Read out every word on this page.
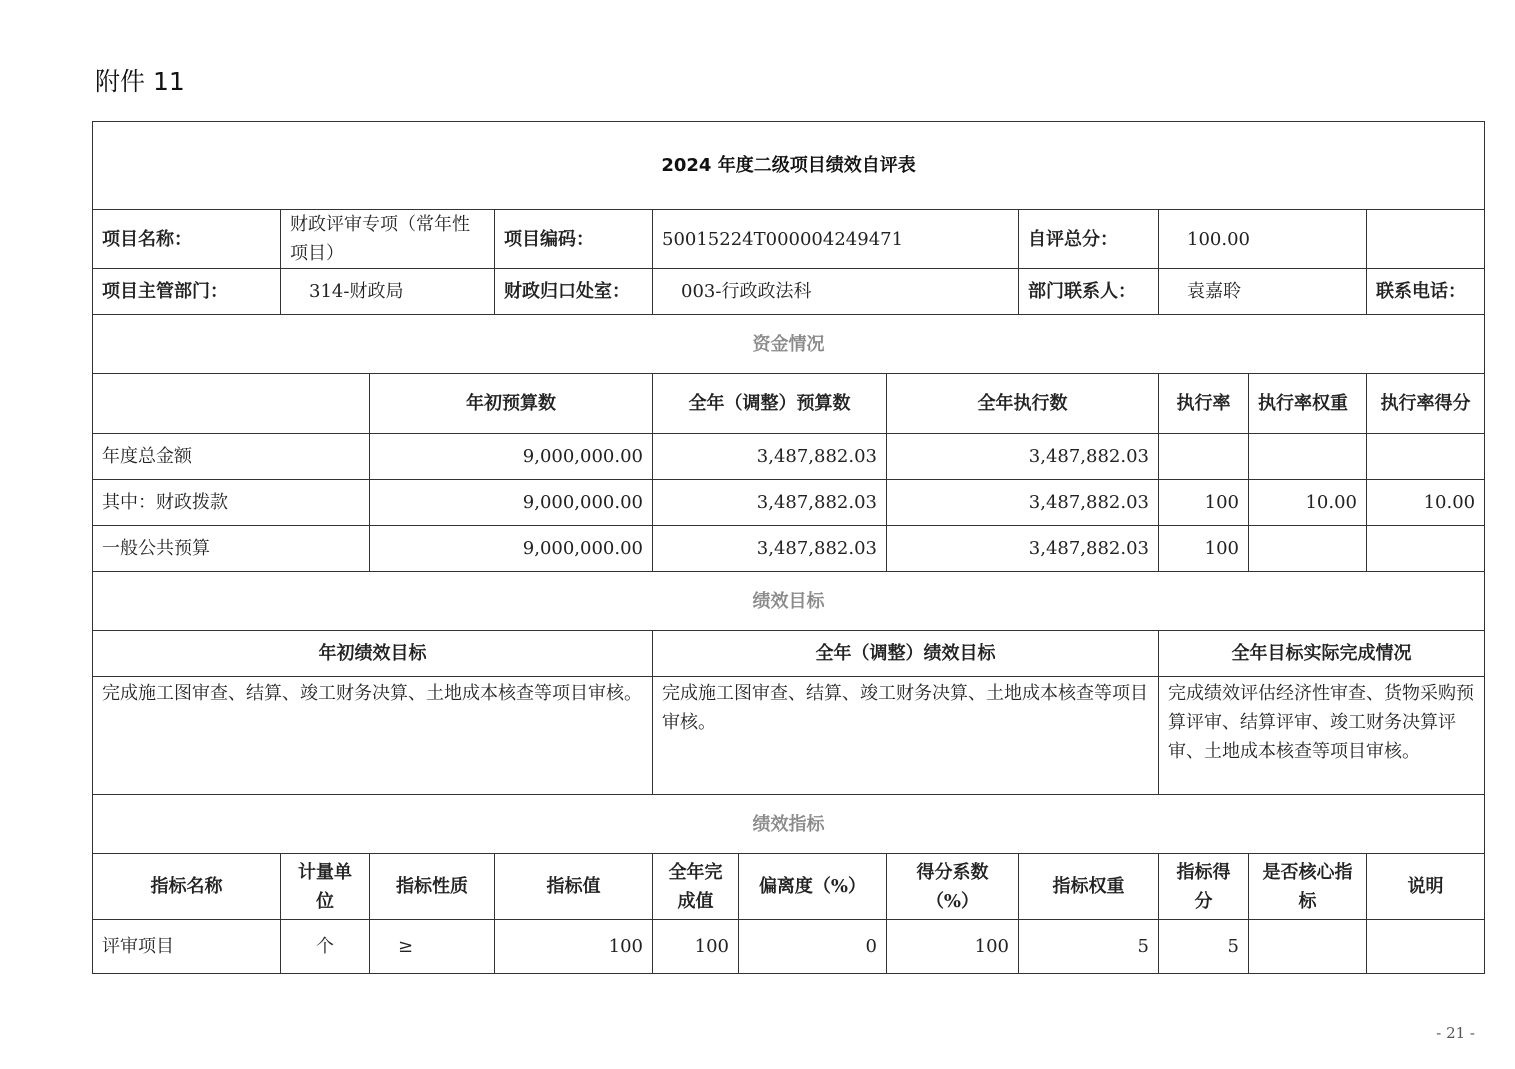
附件 11
2024 年度二级项目绩效自评表											
项目名称：	财政评审专项（常年性项目）		项目编码：	50015224T000004249471			自评总分：	100.00			
项目主管部门：	314-财政局		财政归口处室：	003-行政政法科			部门联系人：	袁嘉聆		联系电话：	
资金情况											
		年初预算数		全年（调整）预算数		全年执行数		执行率	执行率权重	执行率得分	
年度总金额		9,000,000.00		3,487,882.03		3,487,882.03					
其中：财政拨款		9,000,000.00		3,487,882.03		3,487,882.03		100	10.00	10.00	
一般公共预算		9,000,000.00		3,487,882.03		3,487,882.03		100			
绩效目标											
年初绩效目标				全年（调整）绩效目标				全年目标实际完成情况			
完成施工图审查、结算、竣工财务决算、土地成本核查等项目审核。				完成施工图审查、结算、竣工财务决算、土地成本核查等项目审核。				完成绩效评估经济性审查、货物采购预算评审、结算评审、竣工财务决算评审、土地成本核查等项目审核。			
绩效指标											
指标名称	计量单位	指标性质	指标值	全年完成值	偏离度（%）	得分系数（%）	指标权重	指标得分	是否核心指标	说明	
评审项目	个	≥	100	100	0	100	5	5			
- 21 -
